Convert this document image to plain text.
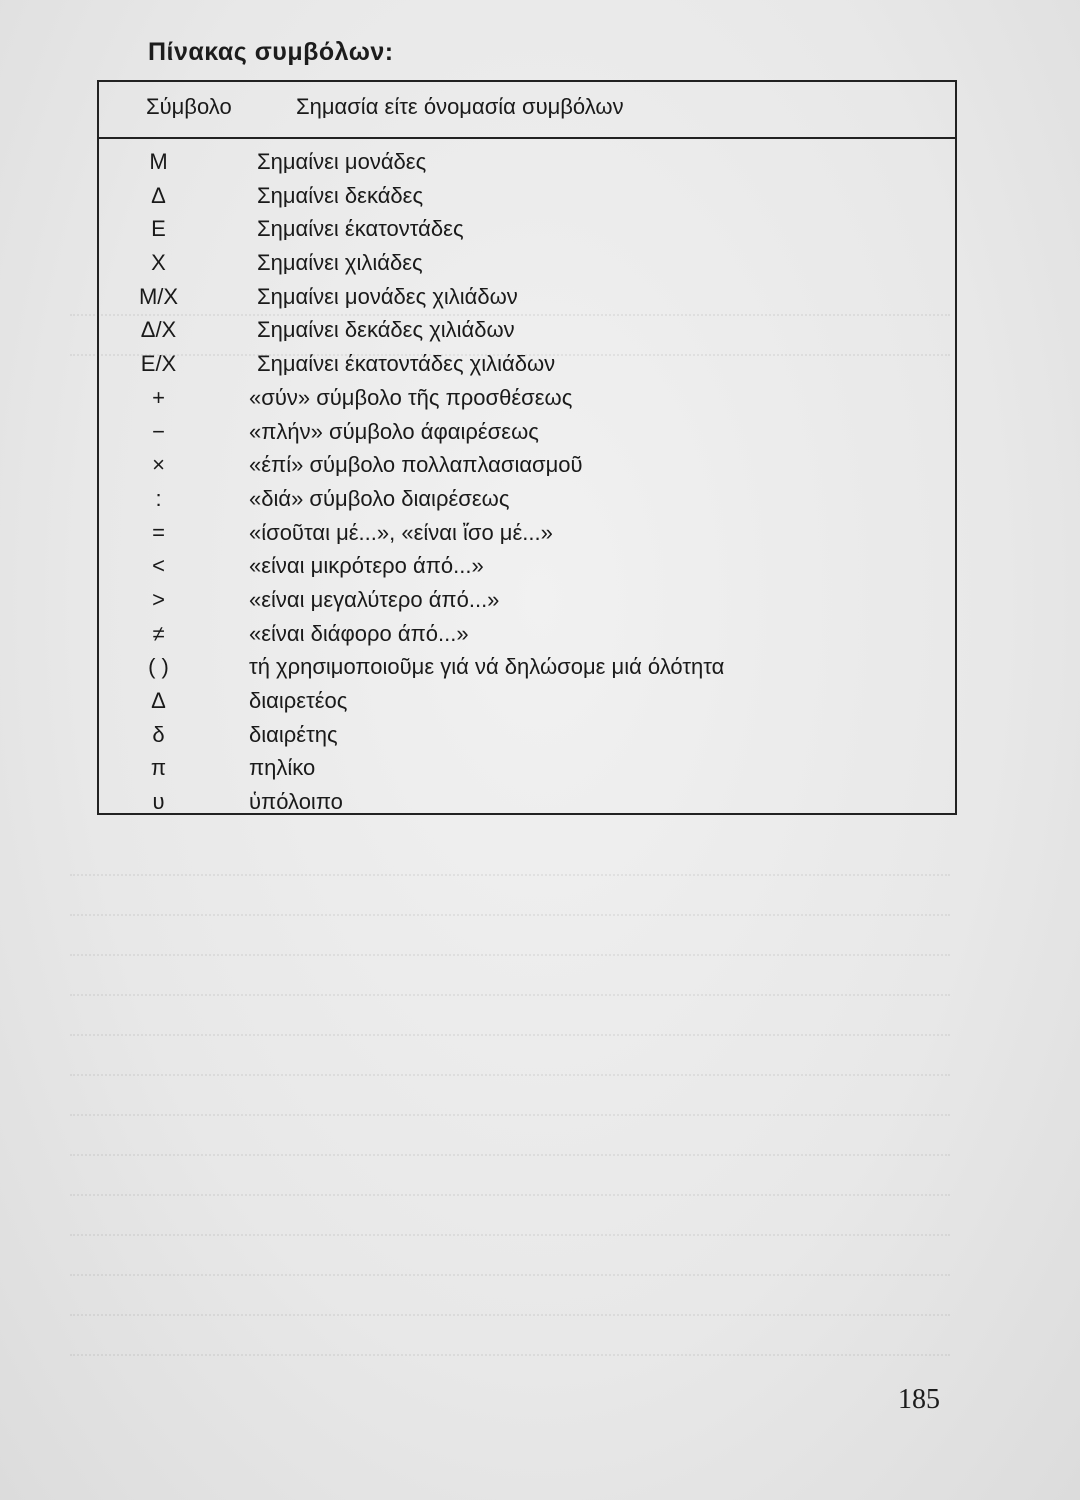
Πίνακας συμβόλων:
Σύμβολο	Σημασία είτε όνομασία συμβόλων
Μ	Σημαίνει μονάδες
Δ	Σημαίνει δεκάδες
Ε	Σημαίνει έκατοντάδες
Χ	Σημαίνει χιλιάδες
Μ/Χ	Σημαίνει μονάδες χιλιάδων
Δ/Χ	Σημαίνει δεκάδες χιλιάδων
Ε/Χ	Σημαίνει έκατοντάδες χιλιάδων
+	«σύν» σύμβολο τῆς προσθέσεως
−	«πλήν» σύμβολο άφαιρέσεως
×	«έπί» σύμβολο πολλαπλασιασμοῦ
:	«διά» σύμβολο διαιρέσεως
=	«ίσοῦται μέ...», «είναι ἴσο μέ...»
<	«είναι μικρότερο άπό...»
>	«είναι μεγαλύτερο άπό...»
≠	«είναι διάφορο άπό...»
( )	τή χρησιμοποιοῦμε γιά νά δηλώσομε μιά όλότητα
Δ	διαιρετέος
δ	διαιρέτης
π	πηλίκο
υ	ὑπόλοιπο
185
